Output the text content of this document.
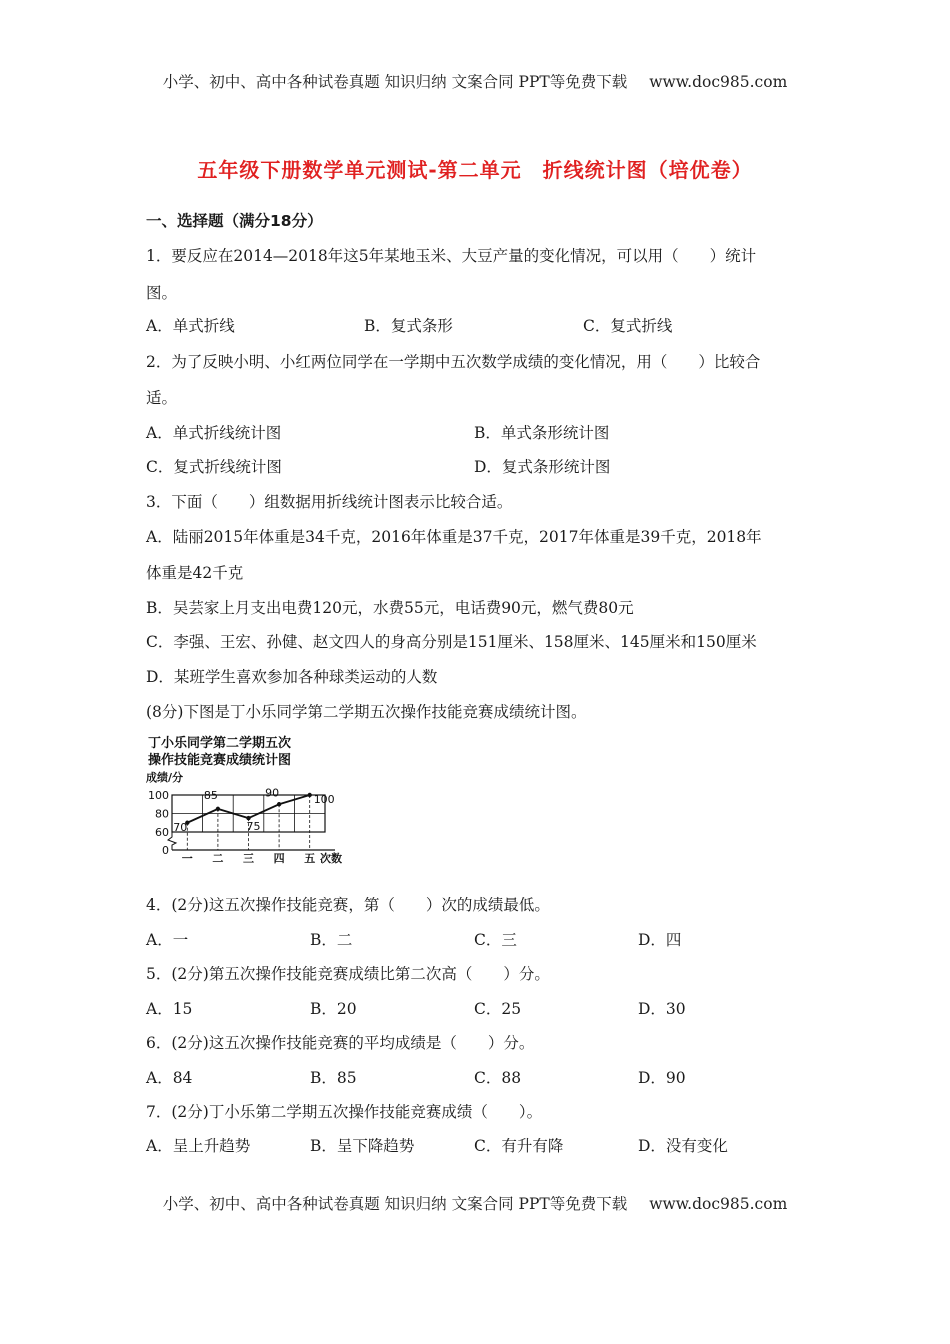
小学、初中、高中各种试卷真题 知识归纳 文案合同 PPT等免费下载 www.doc985.com
五年级下册数学单元测试-第二单元　折线统计图（培优卷）
一、选择题（满分18分）
1．要反应在2014—2018年这5年某地玉米、大豆产量的变化情况，可以用（　　）统计
图。
A．单式折线	B．复式条形	C．复式折线
2．为了反映小明、小红两位同学在一学期中五次数学成绩的变化情况，用（　　）比较合
适。
A．单式折线统计图	B．单式条形统计图
C．复式折线统计图	D．复式条形统计图
3．下面（　　）组数据用折线统计图表示比较合适。
A．陆丽2015年体重是34千克，2016年体重是37千克，2017年体重是39千克，2018年
体重是42千克
B．吴芸家上月支出电费120元，水费55元，电话费90元，燃气费80元
C．李强、王宏、孙健、赵文四人的身高分别是151厘米、158厘米、145厘米和150厘米
D．某班学生喜欢参加各种球类运动的人数
(8分)下图是丁小乐同学第二学期五次操作技能竞赛成绩统计图。
丁小乐同学第二学期五次
操作技能竞赛成绩统计图
成绩/分
次数
0
60
80
100
一 二 三 四 五
70
85
75
90
100
4．(2分)这五次操作技能竞赛，第（　　）次的成绩最低。
A．一	B．二	C．三	D．四
5．(2分)第五次操作技能竞赛成绩比第二次高（　　）分。
A．15	B．20	C．25	D．30
6．(2分)这五次操作技能竞赛的平均成绩是（　　）分。
A．84	B．85	C．88	D．90
7．(2分)丁小乐第二学期五次操作技能竞赛成绩（　　）。
A．呈上升趋势	B．呈下降趋势	C．有升有降	D．没有变化
小学、初中、高中各种试卷真题 知识归纳 文案合同 PPT等免费下载 www.doc985.com
